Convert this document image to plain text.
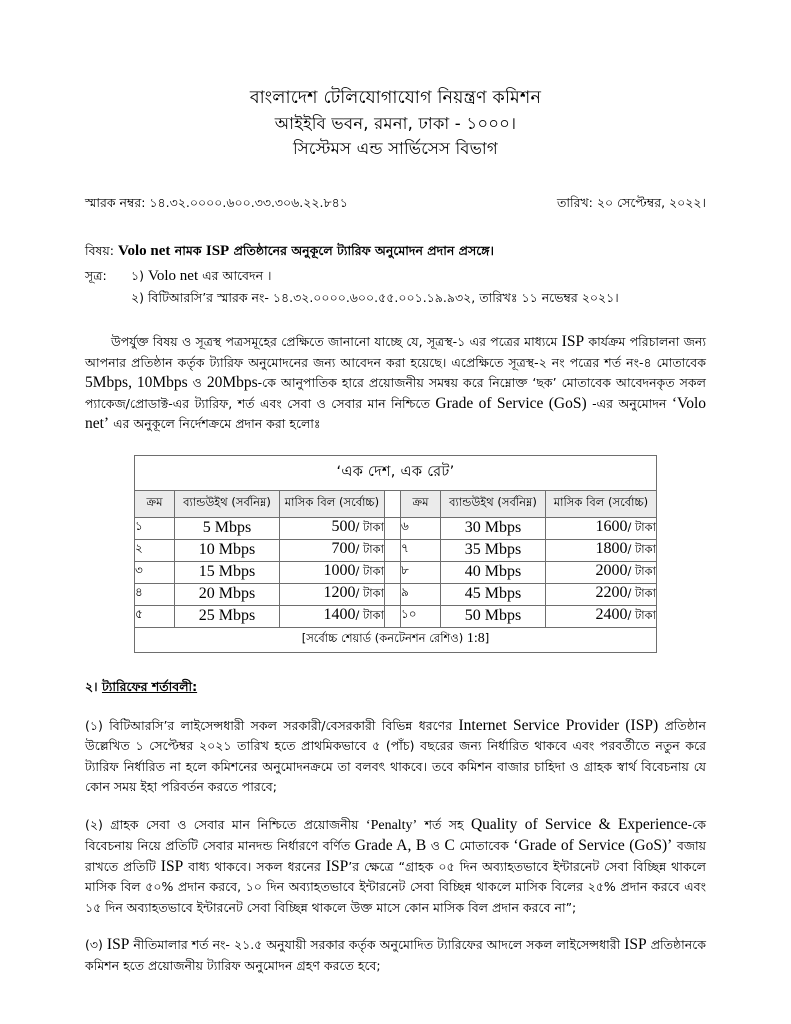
বাংলাদেশ টেলিযোগাযোগ নিয়ন্ত্রণ কমিশন
আইইবি ভবন, রমনা, ঢাকা - ১০০০।
সিস্টেমস এন্ড সার্ভিসেস বিভাগ
স্মারক নম্বর: ১৪.৩২.০০০০.৬০০.৩৩.৩০৬.২২.৮৪১	তারিখ: ২০ সেপ্টেম্বর, ২০২২।
বিষয়: Volo net নামক ISP প্রতিষ্ঠানের অনুকূলে ট্যারিফ অনুমোদন প্রদান প্রসঙ্গে।
সূত্র:	১) Volo net এর আবেদন ।
২) বিটিআরসি’র স্মারক নং- ১৪.৩২.০০০০.৬০০.৫৫.০০১.১৯.৯৩২, তারিখঃ ১১ নভেম্বর ২০২১।
উপর্যুক্ত বিষয় ও সূত্রস্থ পত্রসমূহের প্রেক্ষিতে জানানো যাচ্ছে যে, সূত্রস্থ-১ এর পত্রের মাধ্যমে ISP কার্যক্রম পরিচালনা জন্য আপনার প্রতিষ্ঠান কর্তৃক ট্যারিফ অনুমোদনের জন্য আবেদন করা হয়েছে। এপ্রেক্ষিতে সূত্রস্থ-২ নং পত্রের শর্ত নং-৪ মোতাবেক 5Mbps, 10Mbps ও 20Mbps-কে আনুপাতিক হারে প্রয়োজনীয় সমন্বয় করে নিম্নোক্ত ‘ছক’ মোতাবেক আবেদনকৃত সকল প্যাকেজ/প্রোডাক্ট-এর ট্যারিফ, শর্ত এবং সেবা ও সেবার মান নিশ্চিতে Grade of Service (GoS) -এর অনুমোদন ‘Volo net’ এর অনুকূলে নির্দেশক্রমে প্রদান করা হলোঃ
‘এক দেশ, এক রেট’						
ক্রম	ব্যান্ডউইথ (সর্বনিম্ন)	মাসিক বিল (সর্বোচ্চ)		ক্রম	ব্যান্ডউইথ (সর্বনিম্ন)	মাসিক বিল (সর্বোচ্চ)
১	5 Mbps	500/ টাকা		৬	30 Mbps	1600/ টাকা
২	10 Mbps	700/ টাকা		৭	35 Mbps	1800/ টাকা
৩	15 Mbps	1000/ টাকা		৮	40 Mbps	2000/ টাকা
৪	20 Mbps	1200/ টাকা		৯	45 Mbps	2200/ টাকা
৫	25 Mbps	1400/ টাকা		১০	50 Mbps	2400/ টাকা
[সর্বোচ্চ শেয়ার্ড (কনটেনশন রেশিও) 1:8]						
২। ট্যারিফের শর্তাবলী:
(১) বিটিআরসি’র লাইসেন্সধারী সকল সরকারী/বেসরকারী বিভিন্ন ধরণের Internet Service Provider (ISP) প্রতিষ্ঠান উল্লেখিত ১ সেপ্টেম্বর ২০২১ তারিখ হতে প্রাথমিকভাবে ৫ (পাঁচ) বছরের জন্য নির্ধারিত থাকবে এবং পরবর্তীতে নতুন করে ট্যারিফ নির্ধারিত না হলে কমিশনের অনুমোদনক্রমে তা বলবৎ থাকবে। তবে কমিশন বাজার চাহিদা ও গ্রাহক স্বার্থ বিবেচনায় যে কোন সময় ইহা পরিবর্তন করতে পারবে;
(২) গ্রাহক সেবা ও সেবার মান নিশ্চিতে প্রয়োজনীয় ‘Penalty’ শর্ত সহ Quality of Service & Experience-কে বিবেচনায় নিয়ে প্রতিটি সেবার মানদন্ড নির্ধারণে বর্ণিত Grade A, B ও C মোতাবেক ‘Grade of Service (GoS)’ বজায় রাখতে প্রতিটি ISP বাধ্য থাকবে। সকল ধরনের ISP’র ক্ষেত্রে “গ্রাহক ০৫ দিন অব্যাহতভাবে ইন্টারনেট সেবা বিচ্ছিন্ন থাকলে মাসিক বিল ৫০% প্রদান করবে, ১০ দিন অব্যাহতভাবে ইন্টারনেট সেবা বিচ্ছিন্ন থাকলে মাসিক বিলের ২৫% প্রদান করবে এবং ১৫ দিন অব্যাহতভাবে ইন্টারনেট সেবা বিচ্ছিন্ন থাকলে উক্ত মাসে কোন মাসিক বিল প্রদান করবে না”;
(৩) ISP নীতিমালার শর্ত নং- ২১.৫ অনুযায়ী সরকার কর্তৃক অনুমোদিত ট্যারিফের আদলে সকল লাইসেন্সধারী ISP প্রতিষ্ঠানকে কমিশন হতে প্রয়োজনীয় ট্যারিফ অনুমোদন গ্রহণ করতে হবে;
